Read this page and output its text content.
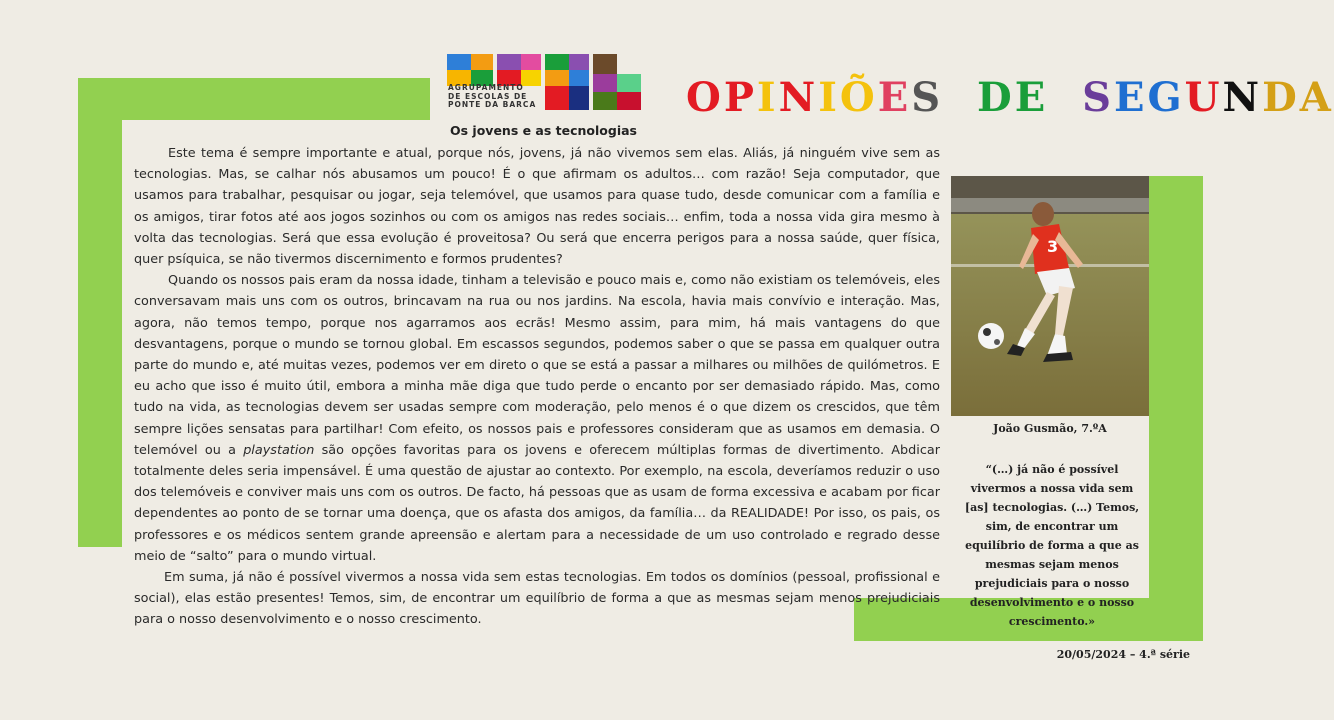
AGRUPAMENTO
DE ESCOLAS DE
PONTE DA BARCA	OPINIÕES DE SEGUNDA
Os jovens e as tecnologias

Este tema é sempre importante e atual, porque nós, jovens, já não vivemos sem elas. Aliás, já ninguém vive sem as tecnologias. Mas, se calhar nós abusamos um pouco! É o que afirmam os adultos… com razão! Seja computador, que usamos para trabalhar, pesquisar ou jogar, seja telemóvel, que usamos para quase tudo, desde comunicar com a família e os amigos, tirar fotos até aos jogos sozinhos ou com os amigos nas redes sociais… enfim, toda a nossa vida gira mesmo à volta das tecnologias. Será que essa evolução é proveitosa? Ou será que encerra perigos para a nossa saúde, quer física, quer psíquica, se não tivermos discernimento e formos prudentes?

Quando os nossos pais eram da nossa idade, tinham a televisão e pouco mais e, como não existiam os telemóveis, eles conversavam mais uns com os outros, brincavam na rua ou nos jardins. Na escola, havia mais convívio e interação. Mas, agora, não temos tempo, porque nos agarramos aos ecrãs! Mesmo assim, para mim, há mais vantagens do que desvantagens, porque o mundo se tornou global. Em escassos segundos, podemos saber o que se passa em qualquer outra parte do mundo e, até muitas vezes, podemos ver em direto o que se está a passar a milhares ou milhões de quilómetros. E eu acho que isso é muito útil, embora a minha mãe diga que tudo perde o encanto por ser demasiado rápido. Mas, como tudo na vida, as tecnologias devem ser usadas sempre com moderação, pelo menos é o que dizem os crescidos, que têm sempre lições sensatas para partilhar! Com efeito, os nossos pais e professores consideram que as usamos em demasia. O telemóvel ou a playstation são opções favoritas para os jovens e oferecem múltiplas formas de divertimento. Abdicar totalmente deles seria impensável. É uma questão de ajustar ao contexto. Por exemplo, na escola, deveríamos reduzir o uso dos telemóveis e conviver mais uns com os outros. De facto, há pessoas que as usam de forma excessiva e acabam por ficar dependentes ao ponto de se tornar uma doença, que os afasta dos amigos, da família… da REALIDADE! Por isso, os pais, os professores e os médicos sentem grande apreensão e alertam para a necessidade de um uso controlado e regrado desse meio de “salto” para o mundo virtual.

Em suma, já não é possível vivermos a nossa vida sem estas tecnologias. Em todos os domínios (pessoal, profissional e social), elas estão presentes! Temos, sim, de encontrar um equilíbrio de forma a que as mesmas sejam menos prejudiciais para o nosso desenvolvimento e o nosso crescimento.

3
João Gusmão, 7.ºA
“(…) já não é possível vivermos a nossa vida sem [as] tecnologias. (…) Temos, sim, de encontrar um equilíbrio de forma a que as mesmas sejam menos prejudiciais para o nosso desenvolvimento e o nosso crescimento.»
20/05/2024 – 4.ª série
